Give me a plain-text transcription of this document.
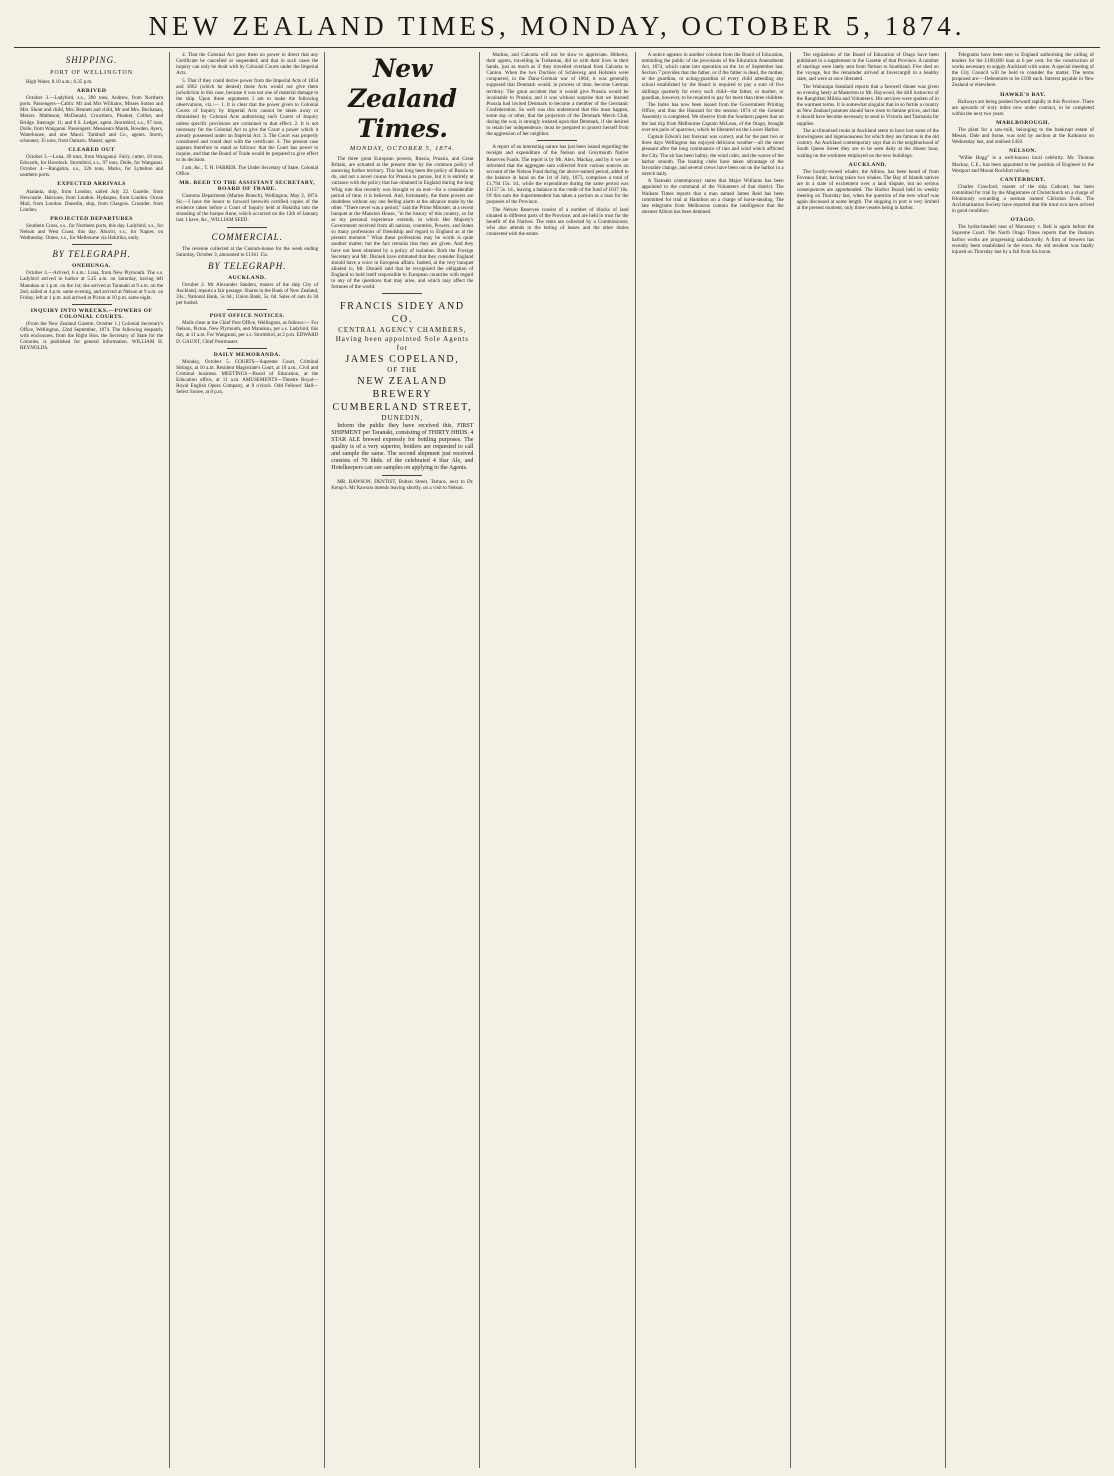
NEW ZEALAND TIMES, MONDAY, OCTOBER 5, 1874.
SHIPPING.
PORT OF WELLINGTON

High Water, 8.10 a.m.; 8.35 p.m.

ARRIVED

October 3.—Ladybird, s.s., 390 tons, Andrew, from Northern ports. Passengers—Cabin: Mr and Mrs Williams, Misses Sutton and Mrs. Shout and child, Mrs. Bennett and child, Mr and Mrs. Buchanan, Messrs. Matheson, McDonald, Crowthers, Plunket, Collier, and Bridge. Steerage: 11; and 8 S. Ledger, agent. Stormbird, s.s., 97 tons, Doile, from Wanganui. Passengers: Messieurs Marsh, Bowden, Ayers, Waterhouse, and one Maori. Turnbull and Co., agents. Storm, schooner, 35 tons, from Oamaru. Master, agent.

CLEARED OUT

October 3.—Luna, 49 tons, from Wanganui. Fairy, cutter, 18 tons, Edwards, for Havelock. Stormbird, s.s., 97 tons, Doile, for Wanganui. October 4.—Rangatira, s.s., 326 tons, Marks, for Lyttelton and southern ports.

EXPECTED ARRIVALS

Atalanta, ship, from London, sailed July 22. Gazelle, from Newcastle. Halcione, from London. Hydaspes, from London. Ocean Mail, from London. Dunedin, ship, from Glasgow. Crusader, from London.

PROJECTED DEPARTURES

Southern Cross, s.s., for Northern ports, this day. Ladybird, s.s., for Nelson and West Coast, this day. Ahuriri, s.s., for Napier, on Wednesday. Omeo, s.s., for Melbourne via Hokitika, early.

BY TELEGRAPH.
ONEHUNGA.

October 3.—Arrived, 6 a.m.: Luna, from New Plymouth. The s.s. Ladybird arrived in harbor at 5.45 a.m. on Saturday, having left Manukau at 1 p.m. on the 1st; she arrived at Taranaki at 9 a.m. on the 2nd, sailed at 4 p.m. same evening, and arrived at Nelson at 9 a.m. on Friday; left at 1 p.m. and arrived at Picton at 10 p.m. same night.

INQUIRY INTO WRECKS.—POWERS OF COLONIAL COURTS.

(From the New Zealand Gazette, October 1.) Colonial Secretary's Office, Wellington, 22nd September, 1874. The following despatch, with enclosures, from the Right Hon. the Secretary of State for the Colonies, is published for general information. WILLIAM H. REYNOLDS.

4. That the Colonial Act gave them no power to direct that any Certificate be cancelled or suspended; and that in such cases the inquiry can only be dealt with by Colonial Courts under the Imperial Acts.

5. That if they could derive power from the Imperial Acts of 1854 and 1862 (which he denied) those Acts would not give them jurisdiction in this case, because it was not one of material damage to the ship. Upon these arguments I am to make the following observations, viz.:— 1. It is clear that the power given to Colonial Courts of Inquiry by Imperial Acts cannot be taken away or diminished by Colonial Acts authorising such Courts of Inquiry unless specific provisions are contained to that effect. 2. It is not necessary for the Colonial Act to give the Court a power which it already possessed under an Imperial Act. 3. The Court was properly constituted and could deal with the certificate. 4. The present case appears therefore to stand as follows: that the Court has power to inquire, and that the Board of Trade would be prepared to give effect to its decision.

I am, &c., T. H. FARRER. The Under Secretary of State, Colonial Office.

MR. REED TO THE ASSISTANT SECRETARY, BOARD OF TRADE.

Customs Department (Marine Branch), Wellington, May 2, 1874. Sir,—I have the honor to forward herewith certified copies of the evidence taken before a Court of Inquiry held at Hokitika into the stranding of the barque Anne, which occurred on the 12th of January last. I have, &c., WILLIAM SEED.

COMMERCIAL.

The revenue collected at the Custom-house for the week ending Saturday, October 3, amounted to £1361 15s.

BY TELEGRAPH.
AUCKLAND.

October 2. Mr Alexander Sanders, master of the ship City of Auckland, reports a fair passage. Shares in the Bank of New Zealand, 33s.; National Bank, 5s 6d.; Union Bank, 5s. 6d. Sales of oats 4s 3d per bushel.

POST OFFICE NOTICES.

Mails close at the Chief Post Office, Wellington, as follows:— For Nelson, Picton, New Plymouth, and Manukau, per s.s. Ladybird, this day, at 11 a.m. For Wanganui, per s.s. Stormbird, at 2 p.m. EDWARD D. GAUNT, Chief Postmaster.

DAILY MEMORANDA.

Monday, October 5. COURTS—Supreme Court, Criminal Sittings, at 10 a.m. Resident Magistrate's Court, at 10 a.m., Civil and Criminal business. MEETINGS—Board of Education, at the Education office, at 11 a.m. AMUSEMENTS—Theatre Royal—Royal English Opera Company, at 8 o'clock. Odd Fellows' Hall—Select Soiree, at 8 p.m.

New Zealand Times.
MONDAY, OCTOBER 5, 1874.

The three great European powers, Russia, Prussia, and Great Britain, are actuated at the present time by the common policy of annexing further territory. This has long been the policy of Russia to do, and not a novel course for Prussia to pursue, but it is entirely at variance with the policy that has obtained in England during the long Whig rule that recently was brought to an end—for a considerable period of time, it is believed. And, fortunately, the three powers are doubtless without any one feeling alarm at the advance made by the other. "There never was a period," said the Prime Minister, at a recent banquet at the Mansion House, "in the history of this country, so far as my personal experience extends, in which Her Majesty's Government received from all nations, countries, Powers, and States so many professions of friendship and regard to England as at the present moment." What these professions may be worth is quite another matter; but the fact remains that they are given. And they have not been obtained by a policy of isolation. Both the Foreign Secretary and Mr. Disraeli have intimated that they consider England should have a voice in European affairs. Indeed, at the very banquet alluded to, Mr. Disraeli said that he recognised the obligation of England to hold itself responsible to European countries with regard to any of the questions that may arise, and which may affect the fortunes of the world.

FRANCIS SIDEY AND CO.
CENTRAL AGENCY CHAMBERS,
Having been appointed Sole Agents for
JAMES COPELAND,
OF THE
NEW ZEALAND BREWERY
CUMBERLAND STREET,
DUNEDIN,

Inform the public they have received this, FIRST SHIPMENT per Taranaki, consisting of THIRTY HHDS. 4 STAR ALE brewed expressly for bottling purposes. The quality is of a very superior, bottlers are requested to call and sample the same. The second shipment just received consists of 70 hhds. of the celebrated 4 Star Ale, and Hotelkeepers can see samples on applying to the Agents.

MR. RAWSON, DENTIST, Bolton Street, Terrace, next to Dr. Kemp's. Mr Rawson intends leaving shortly, on a visit to Nelson.

Madras, and Calcutta will not be slow to appreciate. Hitherto, their agents, travelling in Turkestan, did so with their lives in their hands, just as much as if they travelled overland from Calcutta to Canton. When the two Duchies of Schleswig and Holstein were conquered, in the Dano-German war of 1864, it was generally supposed that Denmark would, in process of time, become German territory. The great accident that it would give Prussia would be invaluable to Prussia; and it was without surprise that we learned Prussia had invited Denmark to become a member of the Germanic Confederation. So well was this understood that this must happen, some day or other, that the projectors of the Denmark Merch Club, during the war, is strongly insisted upon that Denmark, if she desired to retain her independence, must be prepared to protect herself from the aggression of her neighbor.

A report of an interesting nature has just been issued regarding the receipts and expenditure of the Nelson and Greymouth Native Reserves Funds. The report is by Mr. Alex. Mackay, and by it we are informed that the aggregate sum collected from various sources on account of the Nelson Fund during the above-named period, added to the balance in hand on the 1st of July, 1873, comprises a total of £1,794 15s. 1d., while the expenditure during the same period was £1157 5s. 1d., leaving a balance to the credit of the fund of £637 10s. Of this sum the Superintendent has taken a portion as a loan for the purposes of the Province.

The Nelson Reserves consist of a number of blocks of land situated in different parts of the Province, and are held in trust for the benefit of the Natives. The rents are collected by a Commissioner, who also attends to the letting of leases and the other duties connected with the estate.

A notice appears in another column from the Board of Education, reminding the public of the provisions of the Education Amendment Act, 1874, which came into operation on the 1st of September last. Section 7 provides that the father, or if the father is dead, the mother, or the guardian, or acting-guardian of every child attending any school established by the Board is required to pay a sum of five shillings quarterly for every such child—the father, or mother, or guardian, however, to be required to pay for more than three children.

The Index has now been issued from the Government Printing Office, and thus the Hansard for the session 1874 of the General Assembly is completed. We observe from the Southern papers that on the last trip from Melbourne Captain McLean, of the Otago, brought over ten pairs of sparrows, which he liberated on the Lower Harbor.

Captain Edwin's last forecast was correct, and for the past two or three days Wellington has enjoyed delicious weather—all the more pleasant after the long continuance of rain and wind which afflicted the City. The air has been balmy, the wind calm, and the waves of the harbor smooth. The boating clubs have taken advantage of the favorable change, and several crews have been out on the harbor in a stretch daily.

A Taranaki contemporary states that Major Williams has been appointed to the command of the Volunteers of that district. The Waikato Times reports that a man named James Reid has been committed for trial at Hamilton on a charge of horse-stealing. The late telegrams from Melbourne contain the intelligence that the steamer Albion has been detained.

The regulations of the Board of Education of Otago have been published in a supplement to the Gazette of that Province. A number of startings were lately sent from Nelson to Southland. Five died on the voyage, but the remainder arrived at Invercargill in a healthy state, and were at once liberated.

The Wairarapa Standard reports that a farewell dinner was given on evening lately at Masterton to Mr. Haywood, the drill instructor of the Rangitikei Militia and Volunteers. His services were spoken of in the warmest terms. It is somewhat singular that in so fertile a country as New Zealand potatoes should have risen to famine prices, and that it should have become necessary to send to Victoria and Tasmania for supplies.

The acclimatised rooks at Auckland seem to have lost some of the knowingness and ingenuousness for which they are famous in the old country. An Auckland contemporary says that in the neighborhood of South Queen Street they are to be seen daily at the dinner hour, waiting on the workmen employed on the new buildings.

AUCKLAND.

The locally-owned whaler, the Albion, has been heard of from Foveaux Strait, having taken two whales. The Bay of Islands natives are in a state of excitement over a land dispute, but no serious consequences are apprehended. The Harbor Board held its weekly meeting on Thursday last, when the question of the new wharf was again discussed at some length. The shipping in port is very limited at the present moment, only three vessels being in harbor.

Telegrams have been sent to England authorising the calling of tenders for the £100,000 loan at 6 per cent. for the construction of works necessary to supply Auckland with water. A special meeting of the City Council will be held to consider the matter. The terms proposed are:—Debentures to be £100 each. Interest payable in New Zealand or elsewhere.

HAWKE'S BAY.

Railways are being pushed forward rapidly in this Province. There are upwards of sixty miles now under contract, to be completed within the next two years.

MARLBOROUGH.

The plant for a saw-mill, belonging to the bankrupt estate of Messrs. Dale and Stone, was sold by auction at the Kaikoura on Wednesday last, and realised £450.

NELSON.

"Willie Hogg" is a well-known local celebrity. Mr. Thomas Mackay, C.E., has been appointed to the position of Engineer to the Westport and Mount Rochfort railway.

CANTERBURY.

Charles Crawford, master of the ship Cathcart, has been committed for trial by the Magistrates of Christchurch on a charge of feloniously wounding a seaman named Christian Funk. The Acclimatisation Society have reported that the trout ova have arrived in good condition.

OTAGO.

The hydra-headed case of Macassey v. Bell is again before the Supreme Court. The North Otago Times reports that the Oamaru harbor works are progressing satisfactorily. A firm of brewers has recently been established in the town. An old resident was fatally injured on Thursday last by a fall from his horse.
